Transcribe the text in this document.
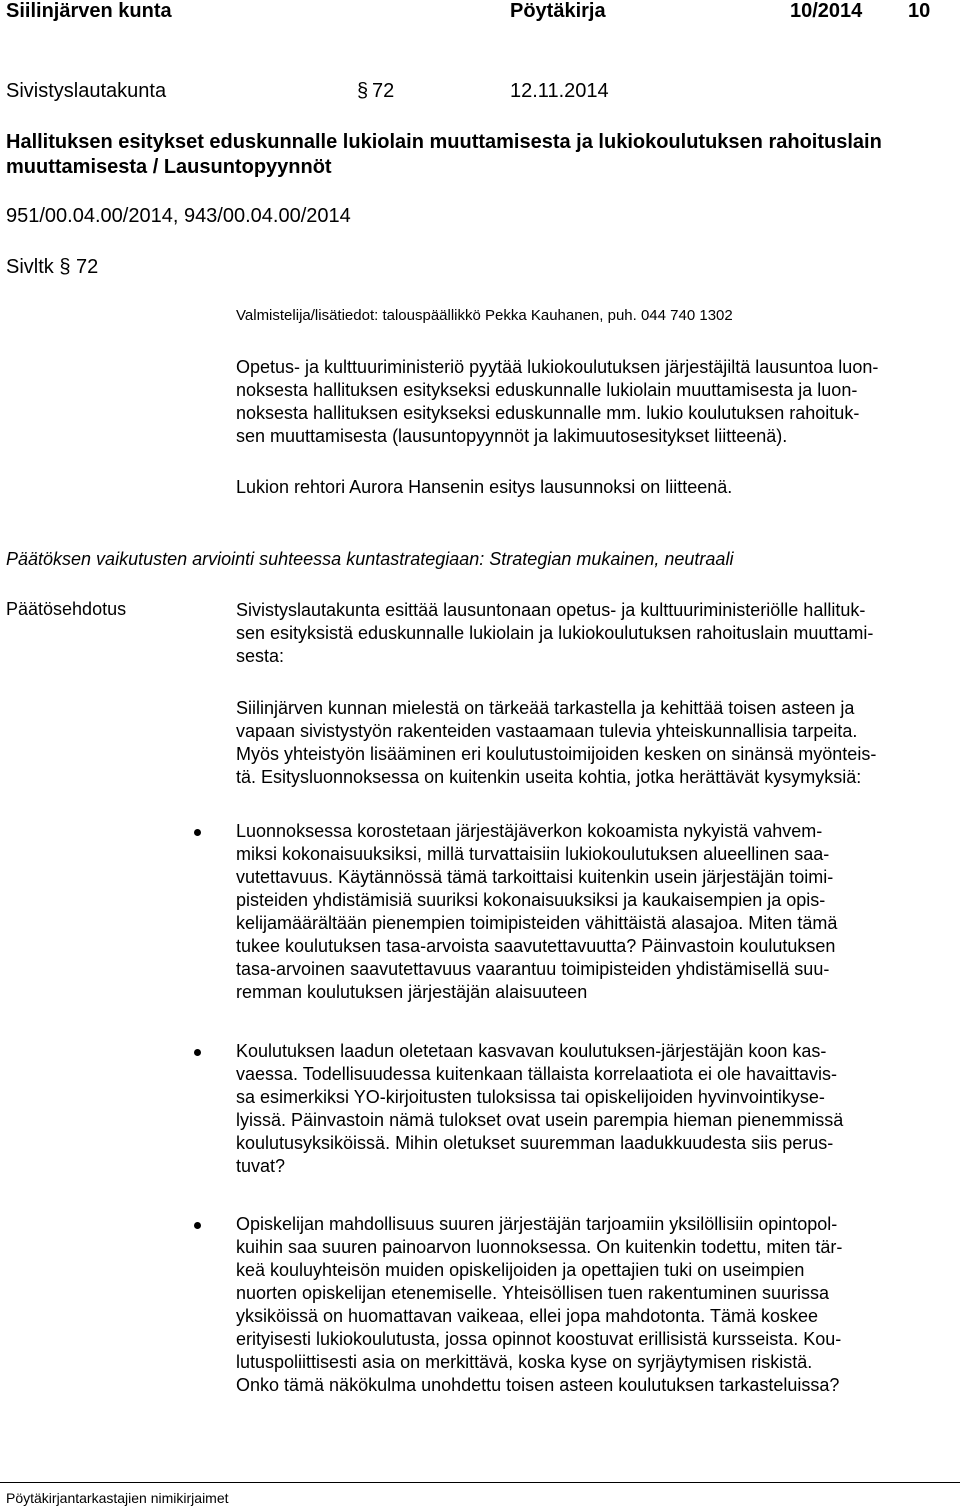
Siilinjärven kunta	Pöytäkirja	10/2014 10
Sivistyslautakunta	§ 72	12.11.2014
Hallituksen esitykset eduskunnalle lukiolain muuttamisesta ja lukiokoulutuksen rahoituslain
muuttamisesta / Lausuntopyynnöt
951/00.04.00/2014, 943/00.04.00/2014
Sivltk § 72
Valmistelija/lisätiedot: talouspäällikkö Pekka Kauhanen, puh. 044 740 1302

Opetus- ja kulttuuriministeriö pyytää lukiokoulutuksen järjestäjiltä lausuntoa luon-

noksesta hallituksen esitykseksi eduskunnalle lukiolain muuttamisesta ja luon-

noksesta hallituksen esitykseksi eduskunnalle mm. lukio koulutuksen rahoituk-

sen muuttamisesta (lausuntopyynnöt ja lakimuutosesitykset liitteenä).

Lukion rehtori Aurora Hansenin esitys lausunnoksi on liitteenä.
Päätöksen vaikutusten arviointi suhteessa kuntastrategiaan: Strategian mukainen, neutraali
Päätösehdotus	Sivistyslautakunta esittää lausuntonaan opetus- ja kulttuuriministeriölle hallituk-

sen esityksistä eduskunnalle lukiolain ja lukiokoulutuksen rahoituslain muuttami-

sesta:

Siilinjärven kunnan mielestä on tärkeää tarkastella ja kehittää toisen asteen ja

vapaan sivistystyön rakenteiden vastaamaan tulevia yhteiskunnallisia tarpeita.

Myös yhteistyön lisääminen eri koulutustoimijoiden kesken on sinänsä myönteis-

tä. Esitysluonnoksessa on kuitenkin useita kohtia, jotka herättävät kysymyksiä:

Luonnoksessa korostetaan järjestäjäverkon kokoamista nykyistä vahvem-

miksi kokonaisuuksiksi, millä turvattaisiin lukiokoulutuksen alueellinen saa-

vutettavuus. Käytännössä tämä tarkoittaisi kuitenkin usein järjestäjän toimi-

pisteiden yhdistämisiä suuriksi kokonaisuuksiksi ja kaukaisempien ja opis-

kelijamäärältään pienempien toimipisteiden vähittäistä alasajoa. Miten tämä

tukee koulutuksen tasa-arvoista saavutettavuutta? Päinvastoin koulutuksen

tasa-arvoinen saavutettavuus vaarantuu toimipisteiden yhdistämisellä suu-

remman koulutuksen järjestäjän alaisuuteen

Koulutuksen laadun oletetaan kasvavan koulutuksen-järjestäjän koon kas-

vaessa. Todellisuudessa kuitenkaan tällaista korrelaatiota ei ole havaittavis-

sa esimerkiksi YO-kirjoitusten tuloksissa tai opiskelijoiden hyvinvointikyse-

lyissä. Päinvastoin nämä tulokset ovat usein parempia hieman pienemmissä

koulutusyksiköissä. Mihin oletukset suuremman laadukkuudesta siis perus-

tuvat?

Opiskelijan mahdollisuus suuren järjestäjän tarjoamiin yksilöllisiin opintopol-

kuihin saa suuren painoarvon luonnoksessa. On kuitenkin todettu, miten tär-

keä kouluyhteisön muiden opiskelijoiden ja opettajien tuki on useimpien

nuorten opiskelijan etenemiselle. Yhteisöllisen tuen rakentuminen suurissa

yksiköissä on huomattavan vaikeaa, ellei jopa mahdotonta. Tämä koskee

erityisesti lukiokoulutusta, jossa opinnot koostuvat erillisistä kursseista. Kou-

lutuspoliittisesti asia on merkittävä, koska kyse on syrjäytymisen riskistä.

Onko tämä näkökulma unohdettu toisen asteen koulutuksen tarkasteluissa?

Pöytäkirjantarkastajien nimikirjaimet
